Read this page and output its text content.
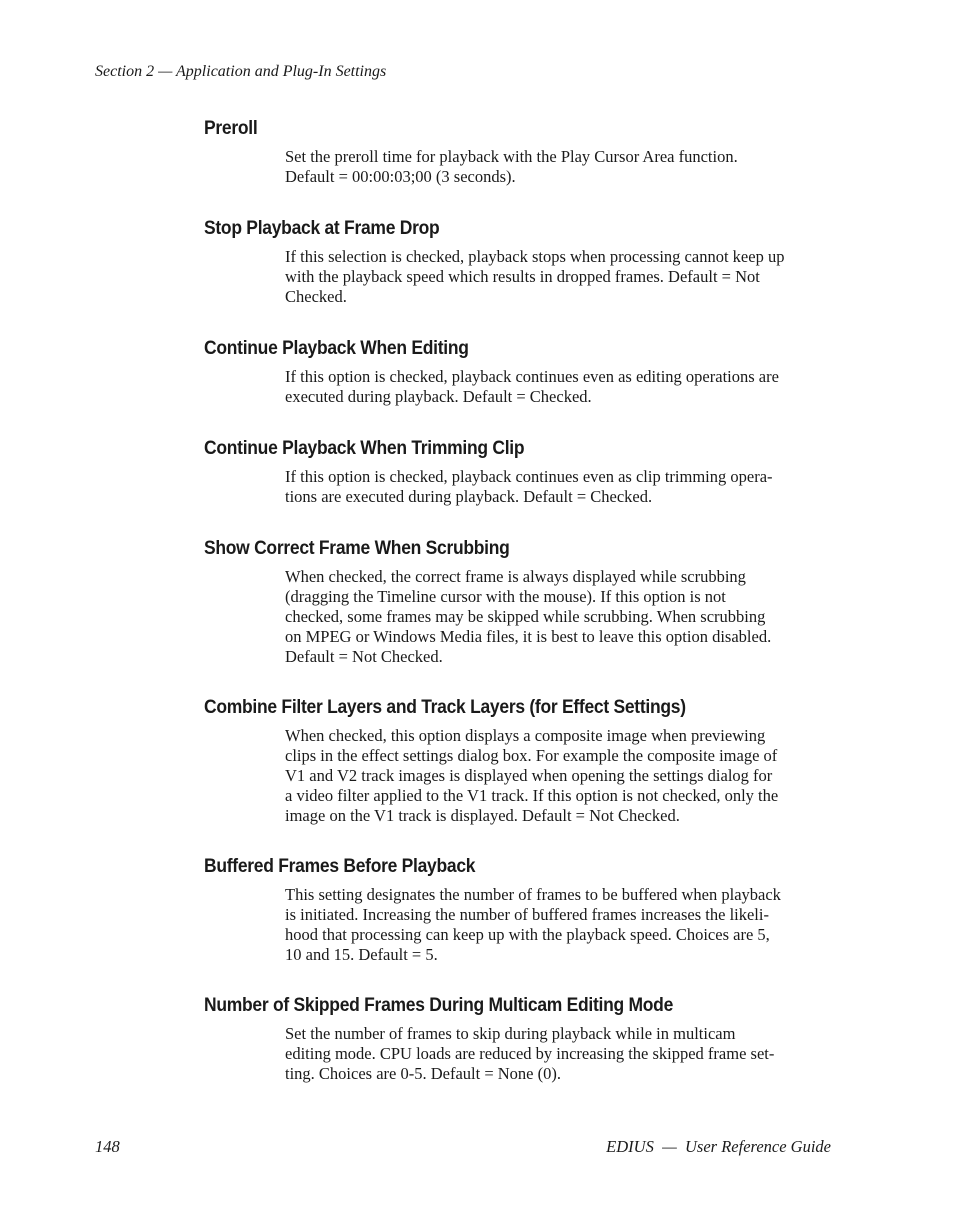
Section 2 — Application and Plug-In Settings
Preroll

Set the preroll time for playback with the Play Cursor Area function.
Default = 00:00:03;00 (3 seconds).

Stop Playback at Frame Drop

If this selection is checked, playback stops when processing cannot keep up
with the playback speed which results in dropped frames. Default = Not
Checked.

Continue Playback When Editing

If this option is checked, playback continues even as editing operations are
executed during playback. Default = Checked.

Continue Playback When Trimming Clip

If this option is checked, playback continues even as clip trimming opera-
tions are executed during playback. Default = Checked.

Show Correct Frame When Scrubbing

When checked, the correct frame is always displayed while scrubbing
(dragging the Timeline cursor with the mouse). If this option is not
checked, some frames may be skipped while scrubbing. When scrubbing
on MPEG or Windows Media files, it is best to leave this option disabled.
Default = Not Checked.

Combine Filter Layers and Track Layers (for Effect Settings)

When checked, this option displays a composite image when previewing
clips in the effect settings dialog box. For example the composite image of
V1 and V2 track images is displayed when opening the settings dialog for
a video filter applied to the V1 track. If this option is not checked, only the
image on the V1 track is displayed. Default = Not Checked.

Buffered Frames Before Playback

This setting designates the number of frames to be buffered when playback
is initiated. Increasing the number of buffered frames increases the likeli-
hood that processing can keep up with the playback speed. Choices are 5,
10 and 15. Default = 5.

Number of Skipped Frames During Multicam Editing Mode

Set the number of frames to skip during playback while in multicam
editing mode. CPU loads are reduced by increasing the skipped frame set-
ting. Choices are 0-5. Default = None (0).

148	EDIUS  —  User Reference Guide
